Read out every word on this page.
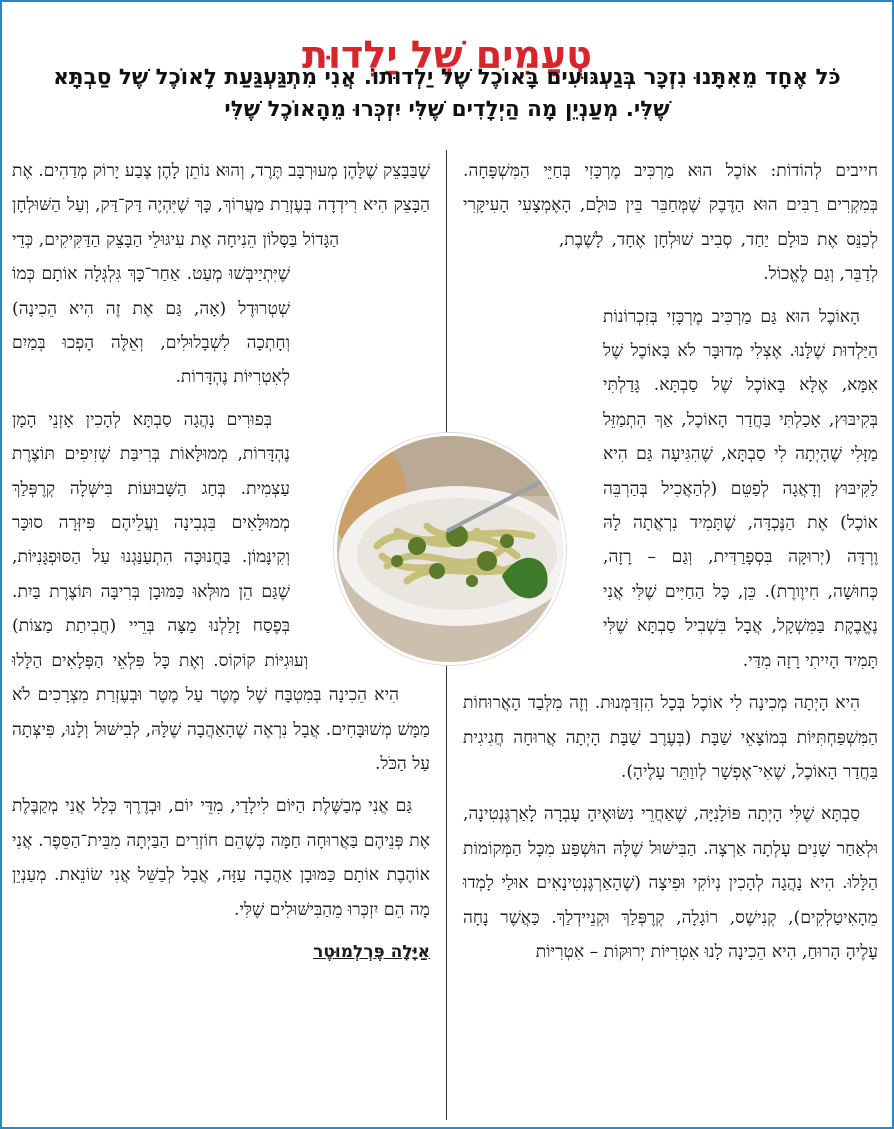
טְעָמִים שֶׁל יַלְדוּת
כֹּל אֶחָד מֵאִתָּנוּ נִזְכָּר בְּגַעְגּוּעִים בָּאוֹכֶל שֶׁל יַלְדוּתוֹ. אֲנִי מִתְגַּעְגַּעַת לָאוֹכֶל שֶׁל סַבְתָּא שֶׁלִּי. מְעַנְיֵן מָה הַיְלָדִים שֶׁלִּי יִזְכְּרוּ מֵהָאוֹכֶל שֶׁלִּי

חייבים לְהוֹדוֹת: אוֹכֶל הוּא מַרְכִּיב מֶרְכָּזִי בְּחַיֵּי הַמִּשְׁפָּחָה. בְּמִקְרִים רַבִּים הוּא הַדֶּבֶק שֶׁמְּחַבֵּר בֵּין כּוּלָם, הָאֶמְצָעִי הָעִיקָּרִי לְכַנֵּס אֶת כּוּלָם יַחַד, סְבִיב שׁוּלְחָן אֶחָד, לָשֶׁבֶת, לְדַבֵּר, וְגַם לֶאֱכוֹל.

הָאוֹכֶל הוּא גַּם מַרְכִּיב מֶרְכָּזִי בְּזִכְרוֹנוֹת הַיַּלְדוּת שֶׁלָּנוּ. אֶצְלִי מְדוּבָּר לֹא בָּאוֹכֶל שֶׁל אִמָּא, אֶלָּא בָּאוֹכֶל שֶׁל סַבְתָּא. גָּדַלְתִּי בְּקִיבּוּץ, אָכַלְתִּי בַּחֲדַר הָאוֹכֶל, אַךְ הִתְמַזֵּל מַזָּלִי שֶׁהָיְתָה לִי סַבְתָּא, שֶׁהִגִּיעָה גַּם הִיא לַקִּיבּוּץ וְדָאֲגָה לְפַטֵּם (לְהַאֲכִיל בְּהַרְבֵּה אוֹכֶל) אֶת הַנֶּכְדָּה, שֶׁתָּמִיד נִרְאֲתָה לָהּ וֶרְדָּה (יְרוּקָּה בִּסְפָרַדִּית, וְגַם – רָזָה, כְּחוּשָׁה, חִיוֶורֶת). כֵּן, כָּל הַחַיִּים שֶׁלִּי אֲנִי נֶאֱבֶקֶת בַּמִּשְׁקָל, אֲבָל בִּשְׁבִיל סַבְתָּא שֶׁלִּי תָּמִיד הָיִיתִי רָזָה מִדַּי.

הִיא הָיְתָה מְכִינָה לִי אוֹכֶל בְּכָל הִזְדַּמְּנוּת. וְזֶה מִלְּבַד הָאֲרוּחוֹת הַמִּשְׁפַּחְתִּיּוֹת בְּמוֹצָאֵי שַׁבָּת (בְּעֶרֶב שַׁבָּת הָיְתָה אֲרוּחָה חֲגִיגִית בַּחֲדַר הָאוֹכֶל, שֶׁאִי־אֶפְשָׁר לְווַתֵּר עָלֶיהָ).

סַבְתָּא שֶׁלִּי הָיְתָה פּוֹלָנִיָּה, שֶׁאַחֲרֵי נִשּׂוּאֶיהָ עָבְרָה לָאַרְגֶּנְטִינָה, וּלְאַחַר שָׁנִים עָלְתָה אַרְצָה. הַבִּישּׁוּל שֶׁלָּהּ הוּשְׁפַּע מִכָּל הַמְּקוֹמוֹת הַלָּלוּ. הִיא נָהֲגָה לְהָכִין נְיוֹקִי וּפִיצָה (שֶׁהָאַרְגֶּנְטִינָאִים אוּלַי לָמְדוּ מֵהָאִיטַלְקִים), קְנִישֶׁס, רוֹגָלָה, קְרֶפְּלַךְ וּקְנֵיידְלַךְ. כַּאֲשֶׁר נָחָה עָלֶיהָ הָרוּחַ, הִיא הֵכִינָה לָנוּ אִטְרִיּוֹת יְרוּקּוֹת – אִטְרִיּוֹת

שֶׁבַּבָּצֵק שֶׁלָּהֶן מְעוּרְבָּב תֶּרֶד, וְהוּא נוֹתֵן לָהֶן צֶבַע יָרוֹק מְדַהִים. אֶת הַבָּצֵק הִיא רִידְדָה בְּעֶזְרַת מַעֲרוֹךְ, כָּךְ שֶׁיִּהְיֶה דַּק־דַּק, וְעַל הַשּׁוּלְחָן הַגָּדוֹל בַּסָּלוֹן הֵנִיחָה אֶת עִיגּוּלֵי הַבָּצֵק הַדַּקִּיקִים, כְּדֵי שֶׁיִּתְיַיבְּשׁוּ מְעַט. אַחַר־כָּךְ גִּלְגְּלָה אוֹתָם כְּמוֹ שְׁטְרוּדֶל (אָה, גַּם אֶת זֶה הִיא הֵכִינָה) וְחָתְכָה לִשְׁבָלוּלִים, וְאֵלֶּה הָפְכוּ בְּמַיִם לְאִטְרִיּוֹת נֶהְדָּרוֹת.

בְּפוּרִים נָהֲגָה סַבְתָּא לְהָכִין אָזְנֵי הָמָן נֶהְדָּרוֹת, מְמוּלָּאוֹת בְּרִיבַּת שְׁזִיפִים תּוֹצֶרֶת עַצְמִית. בְּחַג הַשָּׁבוּעוֹת בִּישְּׁלָה קְרֶפְּלַךְ מְמוּלָּאִים בִּגְבִינָה וַעֲלֵיהֶם פִּיזְּרָה סוּכָּר וְקִינָּמוֹן. בַּחֲנוּכָּה הִתְעַנַּגְנוּ עַל הַסּוּפְגָּנִיּוֹת, שֶׁגַּם הֵן מוּלְּאוּ כַּמּוּבָן בְּרִיבָּה תּוֹצֶרֶת בַּיִת. בְּפֶסַח זָלַלְנוּ מַצָּה בְּרֵיי (חֲבִיתַת מַצּוֹת) וְעוּגִיּוֹת קוֹקוֹס. וְאֶת כָּל פִּלְאֵי הַפְּלָאִים הַלָּלוּ הִיא הֵכִינָה בְּמִטְבָּח שֶׁל מֶטֶר עַל מֶטֶר וּבְעֶזְרַת מִצְרָכִים לֹא מַמָּשׁ מְשׁוּבָּחִים. אֲבָל נִרְאֶה שֶׁהָאַהֲבָה שֶׁלָּהּ, לְבִישּׁוּל וְלָנוּ, פִּיצְּתָה עַל הַכֹּל.

גַּם אֲנִי מְבַשֶּׁלֶת הַיּוֹם לִילָדַי, מִדֵּי יוֹם, וּבְדֶרֶךְ כְּלָל אֲנִי מְקַבֶּלֶת אֶת פְּנֵיהֶם בַּאֲרוּחָה חַמָּה כְּשֶׁהֵם חוֹזְרִים הַבַּיְתָה מִבֵּית־הַסֵּפֶר. אֲנִי אוֹהֶבֶת אוֹתָם כַּמּוּבָן אַהֲבָה עַזָּה, אֲבָל לְבַשֵּׁל אֲנִי שׂוֹנֵאת. מְעַנְיֵן מָה הֵם יִזְכְּרוּ מֵהַבִּישּׁוּלִים שֶׁלִּי.

אַיָּלָה פֶּרְלְמוּטֶר
